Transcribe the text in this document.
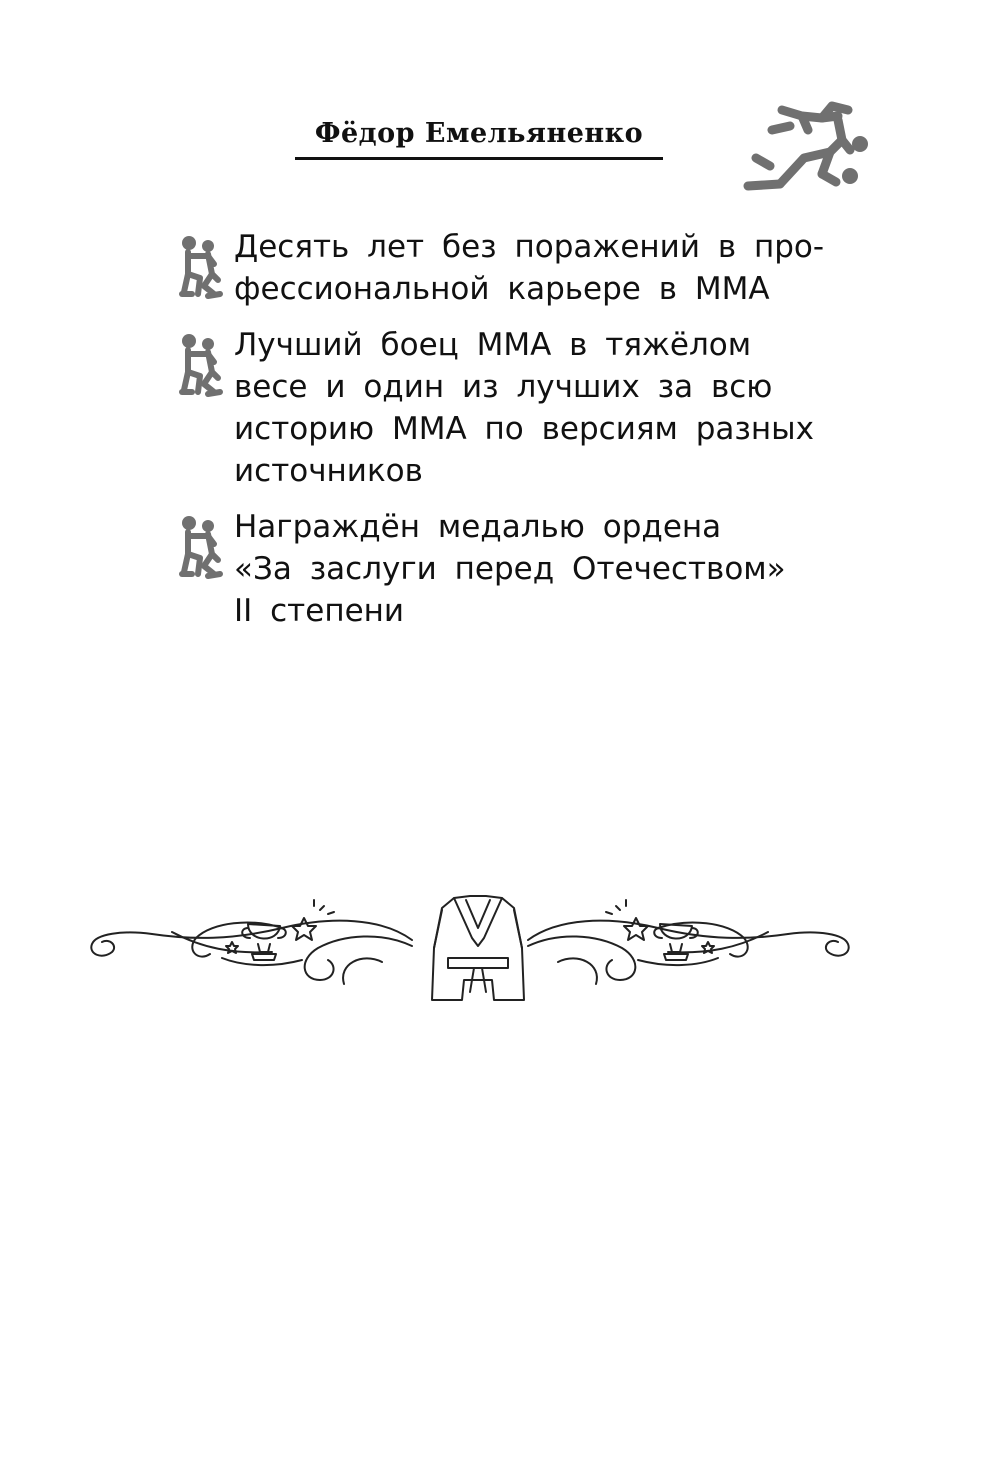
Фёдор Емельяненко
Десять лет без поражений в про-
фессиональной карьере в ММА
Лучший боец ММА в тяжёлом
весе и один из лучших за всю
историю ММА по версиям разных
источников
Награждён медалью ордена
«За заслуги перед Отечеством»
II степени
